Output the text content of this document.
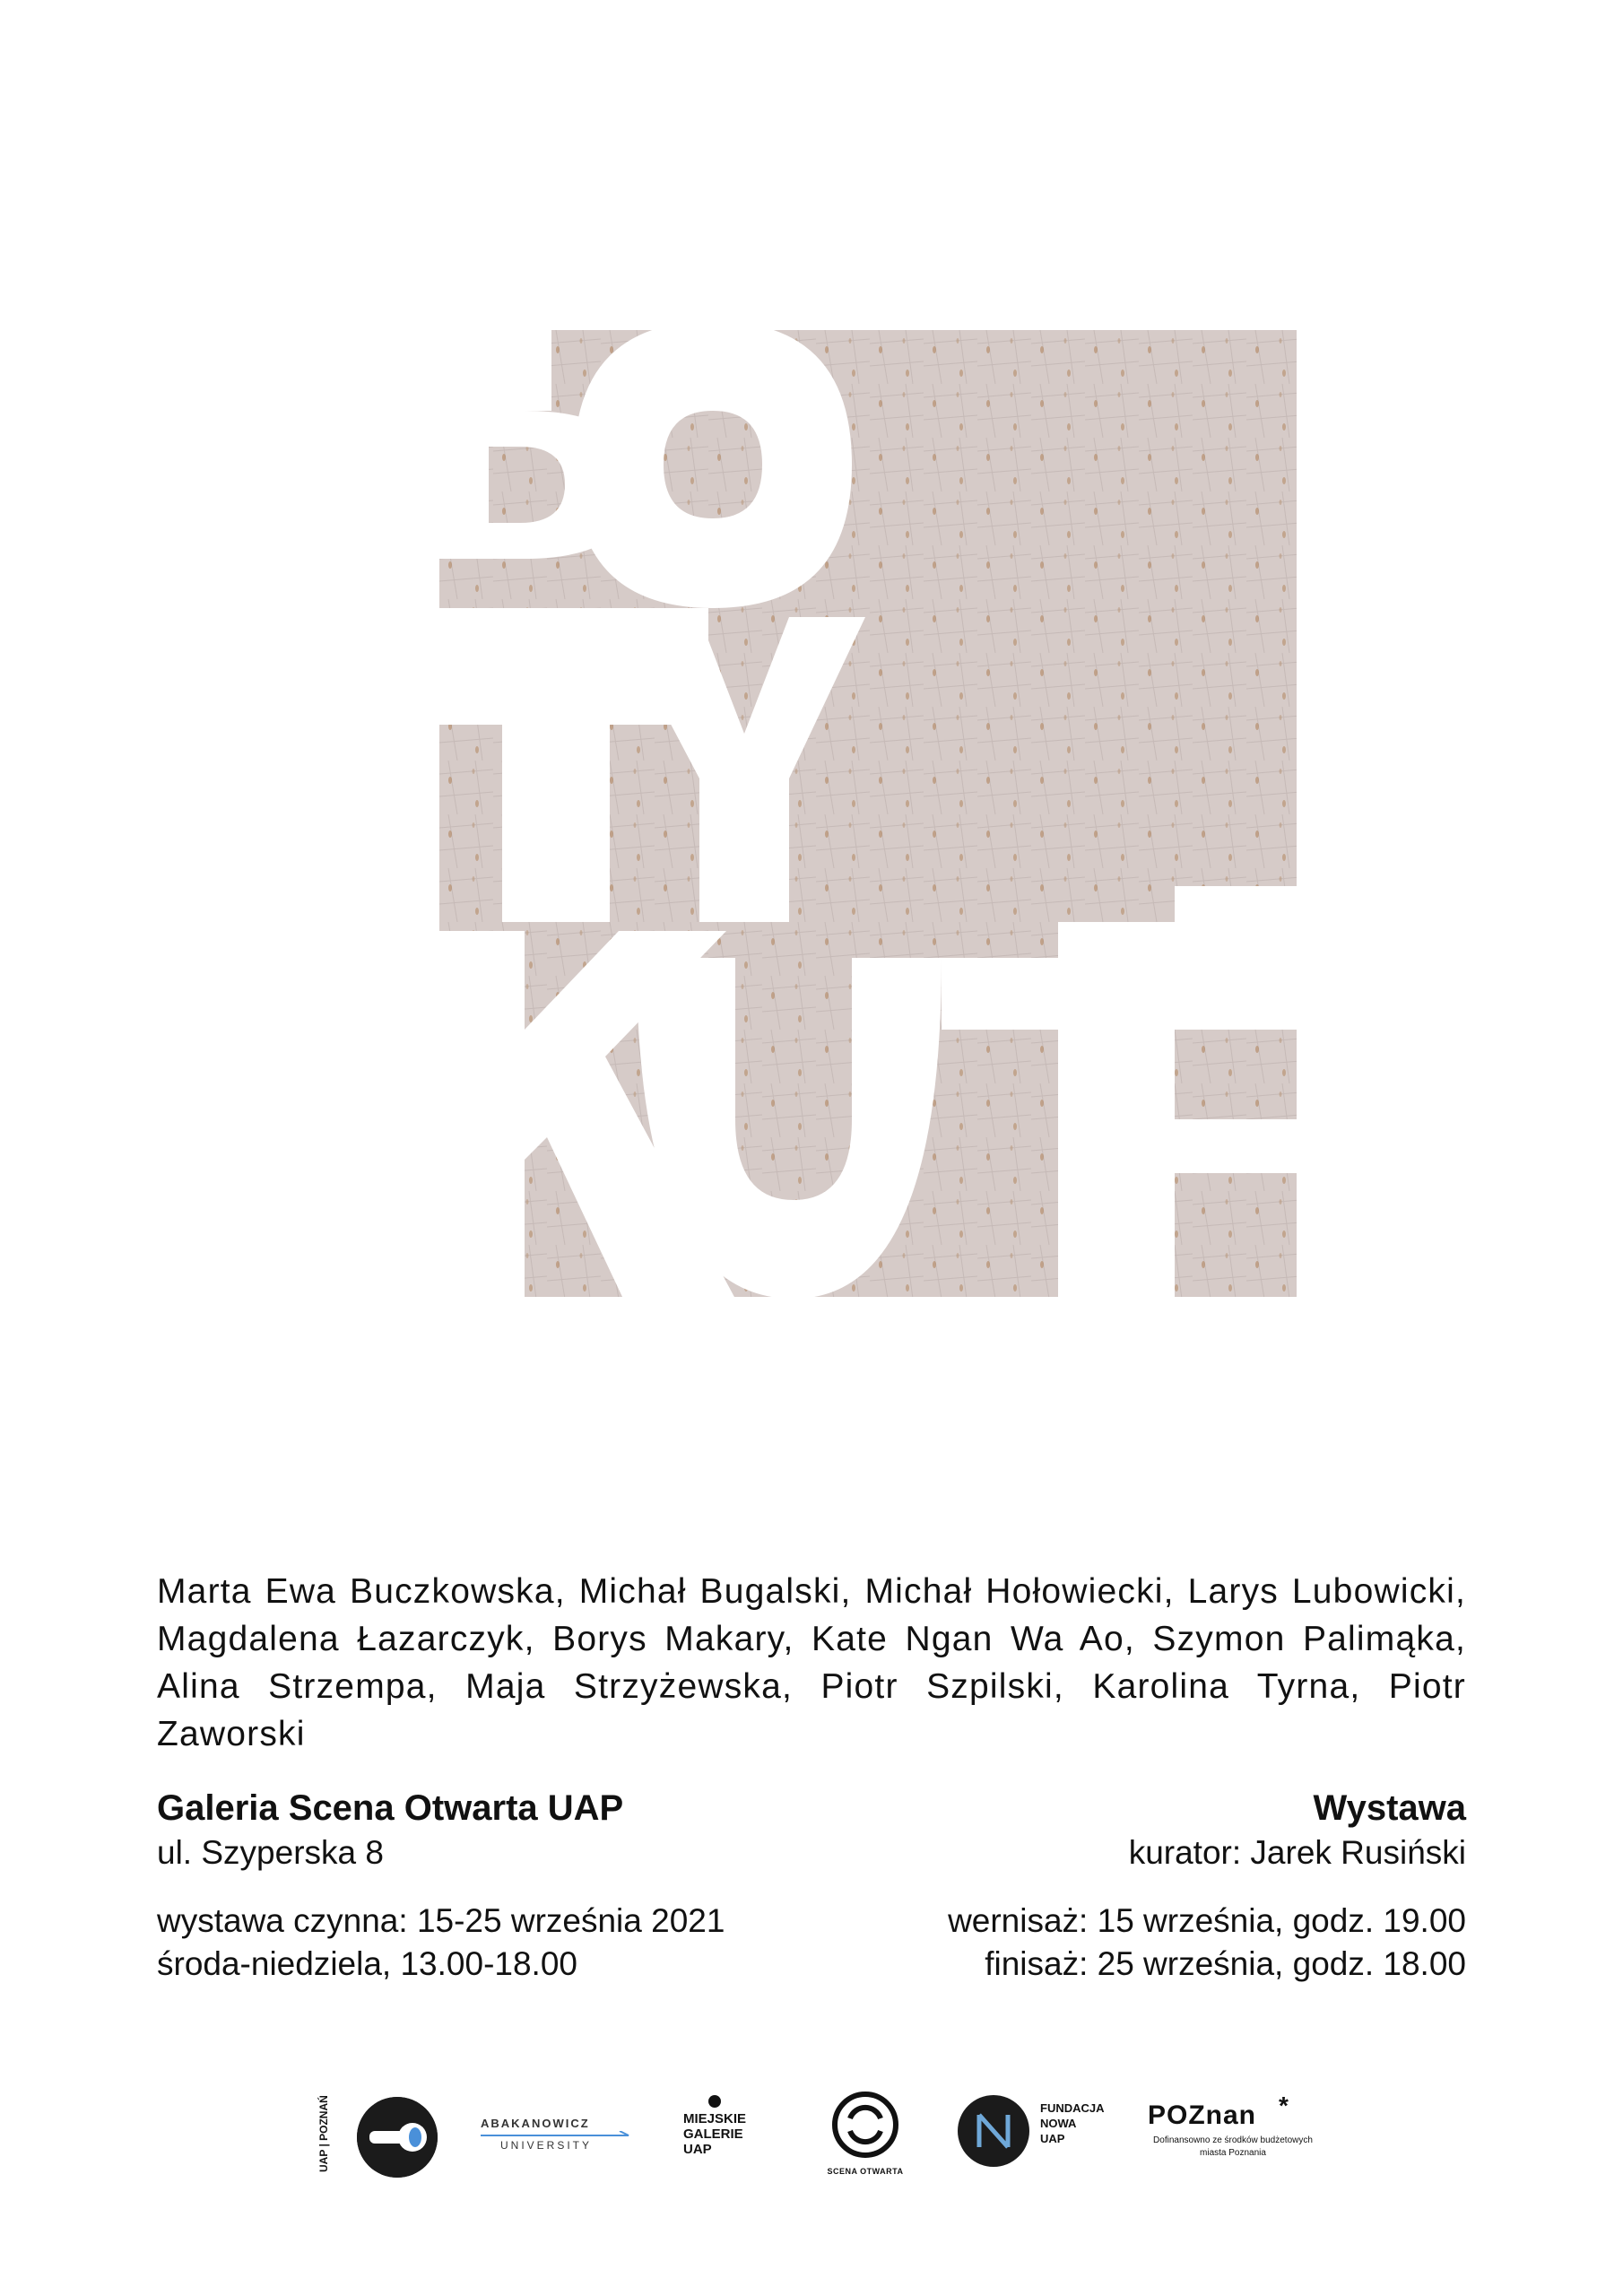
Marta Ewa Buczkowska, Michał Bugalski, Michał Hołowiecki, Larys Lubowicki,
Magdalena Łazarczyk, Borys Makary, Kate Ngan Wa Ao, Szymon Palimąka,
Alina Strzempa, Maja Strzyżewska, Piotr Szpilski, Karolina Tyrna, Piotr Zaworski
Galeria Scena Otwarta UAP
ul. Szyperska 8
wystawa czynna: 15-25 września 2021
środa-niedziela, 13.00-18.00
Wystawa
kurator: Jarek Rusiński
wernisaż: 15 września, godz. 19.00
finisaż: 25 września, godz. 18.00
UAP | POZNAŃ	ABAKANOWICZ
UNIVERSITY
MIEJSKIE
GALERIE
UAP
SCENA OTWARTA
FUNDACJA
NOWA
UAP
POZnan *
Dofinansowno ze środków budżetowych miasta Poznania
